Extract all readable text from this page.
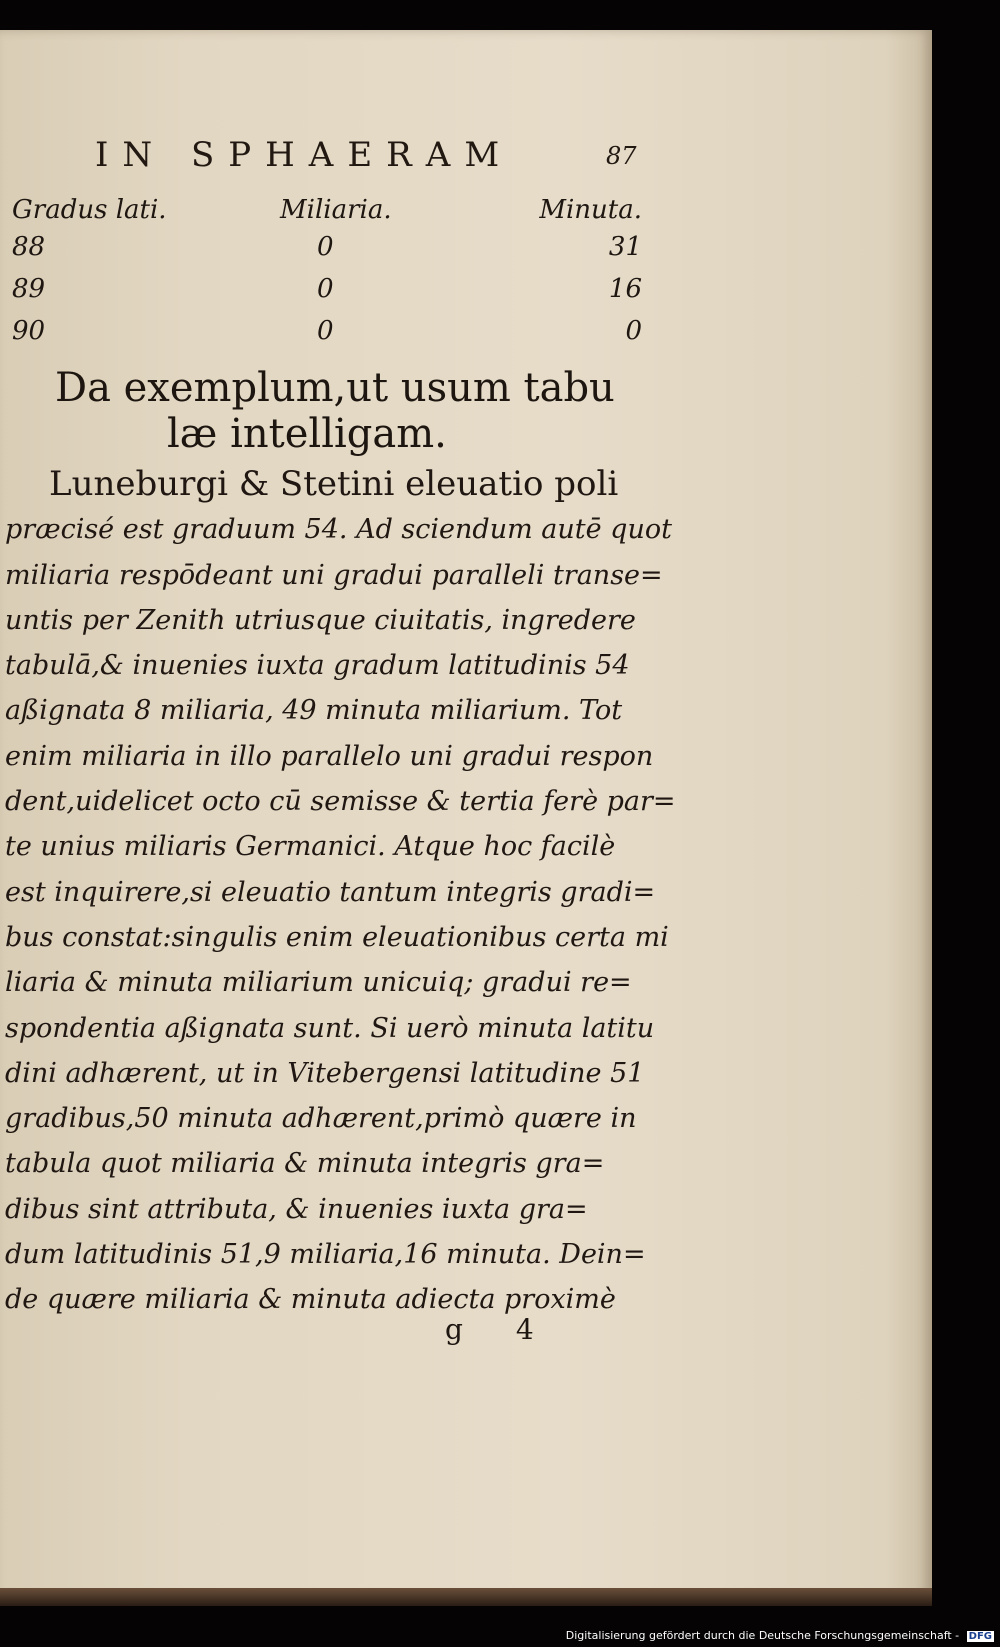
IN SPHAERAM	87
Gradus lati.	Miliaria.	Minuta.
88	0	31
89	0	16
90	0	0
Da exemplum,ut usum tabu
læ intelligam.
Luneburgi & Stetini eleuatio poli
præcisé est graduum 54. Ad sciendum autē quot
miliaria respōdeant uni gradui paralleli transe=
untis per Zenith utriusque ciuitatis, ingredere
tabulā,& inuenies iuxta gradum latitudinis 54
aßignata 8 miliaria, 49 minuta miliarium. Tot
enim miliaria in illo parallelo uni gradui respon
dent,uidelicet octo cū semisse & tertia ferè par=
te unius miliaris Germanici. Atque hoc facilè
est inquirere,si eleuatio tantum integris gradi=
bus constat:singulis enim eleuationibus certa mi
liaria & minuta miliarium unicuiq; gradui re=
spondentia aßignata sunt. Si uerò minuta latitu
dini adhærent, ut in Vitebergensi latitudine 51
gradibus,50 minuta adhærent,primò quære in
tabula quot miliaria & minuta integris gra=
dibus sint attributa, & inuenies iuxta gra=
dum latitudinis 51,9 miliaria,16 minuta. Dein=
de quære miliaria & minuta adiecta proximè
g 4
Digitalisierung gefördert durch die Deutsche Forschungsgemeinschaft - DFG
